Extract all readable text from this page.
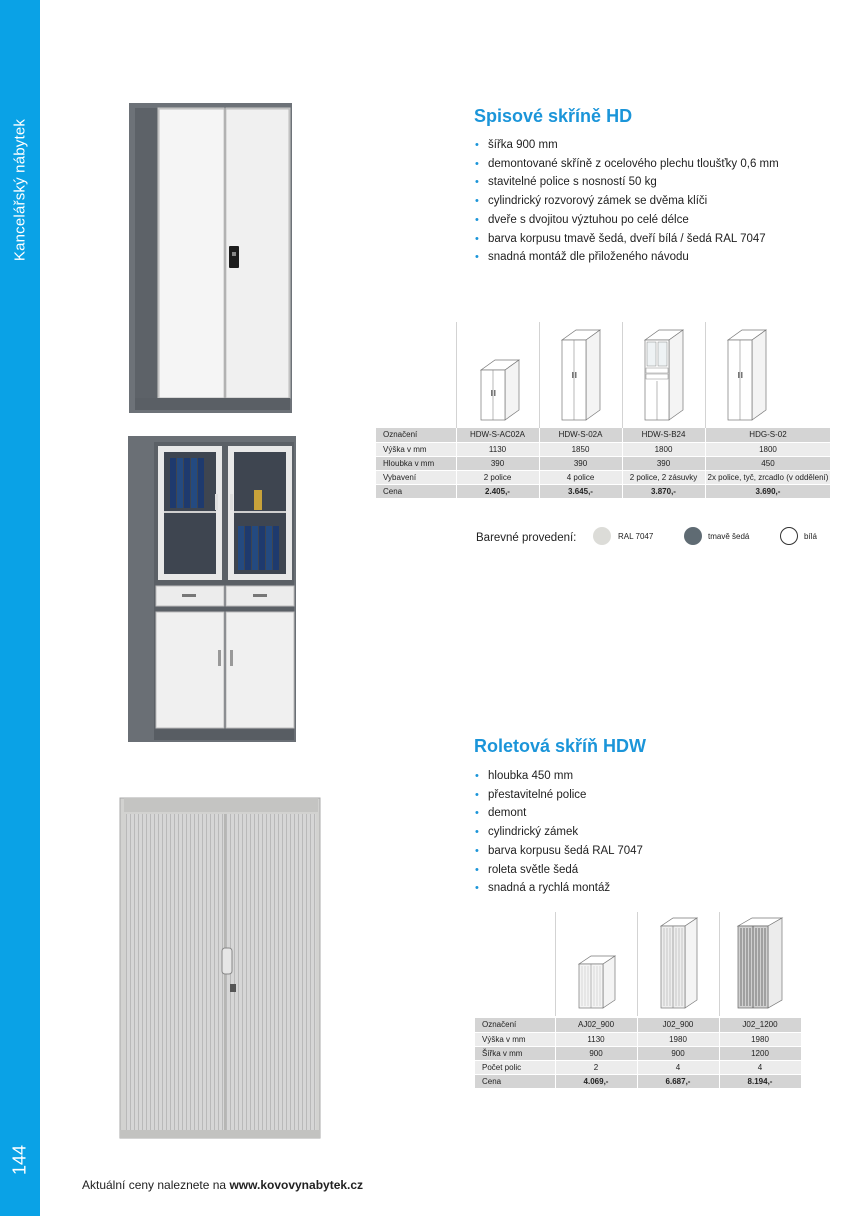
Kancelářský nábytek
144
Spisové skříně HD
• šířka 900 mm
• demontované skříně z ocelového plechu tloušťky 0,6 mm
• stavitelné police s nosností 50 kg
• cylindrický rozvorový zámek se dvěma klíči
• dveře s dvojitou výztuhou po celé délce
• barva korpusu tmavě šedá, dveří bílá / šedá RAL 7047
• snadná montáž dle přiloženého návodu
Označení	HDW-S-AC02A	HDW-S-02A	HDW-S-B24	HDG-S-02
Výška v mm	1130	1850	1800	1800
Hloubka v mm	390	390	390	450
Vybavení	2 police	4 police	2 police, 2 zásuvky	2x police, tyč, zrcadlo (v oddělení)
Cena	2.405,-	3.645,-	3.870,-	3.690,-
Barevné provedení:	RAL 7047	tmavě šedá	bílá
Roletová skříň HDW
• hloubka 450 mm
• přestavitelné police
• demont
• cylindrický zámek
• barva korpusu šedá RAL 7047
• roleta světle šedá
• snadná a rychlá montáž
Označení	AJ02_900	J02_900	J02_1200
Výška v mm	1130	1980	1980
Šířka v mm	900	900	1200
Počet polic	2	4	4
Cena	4.069,-	6.687,-	8.194,-
Aktuální ceny naleznete na www.kovovynabytek.cz
